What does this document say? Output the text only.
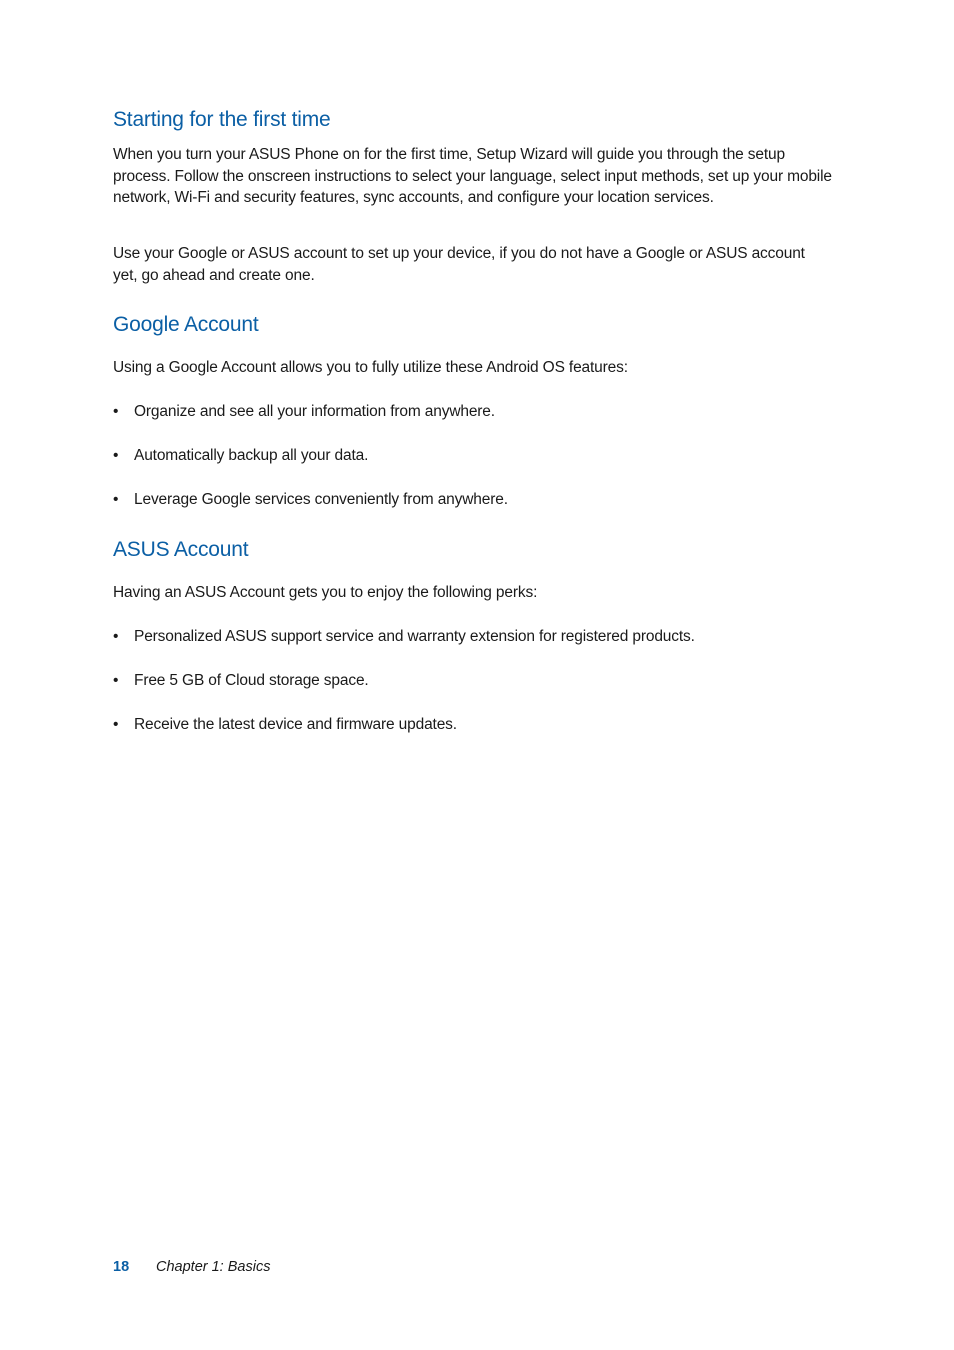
Starting for the first time

When you turn your ASUS Phone on for the first time, Setup Wizard will guide you through the setup process. Follow the onscreen instructions to select your language, select input methods, set up your mobile network, Wi-Fi and security features, sync accounts, and configure your location services.

Use your Google or ASUS account to set up your device, if you do not have a Google or ASUS account yet, go ahead and create one.

Google Account

Using a Google Account allows you to fully utilize these Android OS features:

•	Organize and see all your information from anywhere.
•	Automatically backup all your data.
•	Leverage Google services conveniently from anywhere.
ASUS Account

Having an ASUS Account gets you to enjoy the following perks:

•	Personalized ASUS support service and warranty extension for registered products.
•	Free 5 GB of Cloud storage space.
•	Receive the latest device and firmware updates.
18 Chapter 1: Basics
